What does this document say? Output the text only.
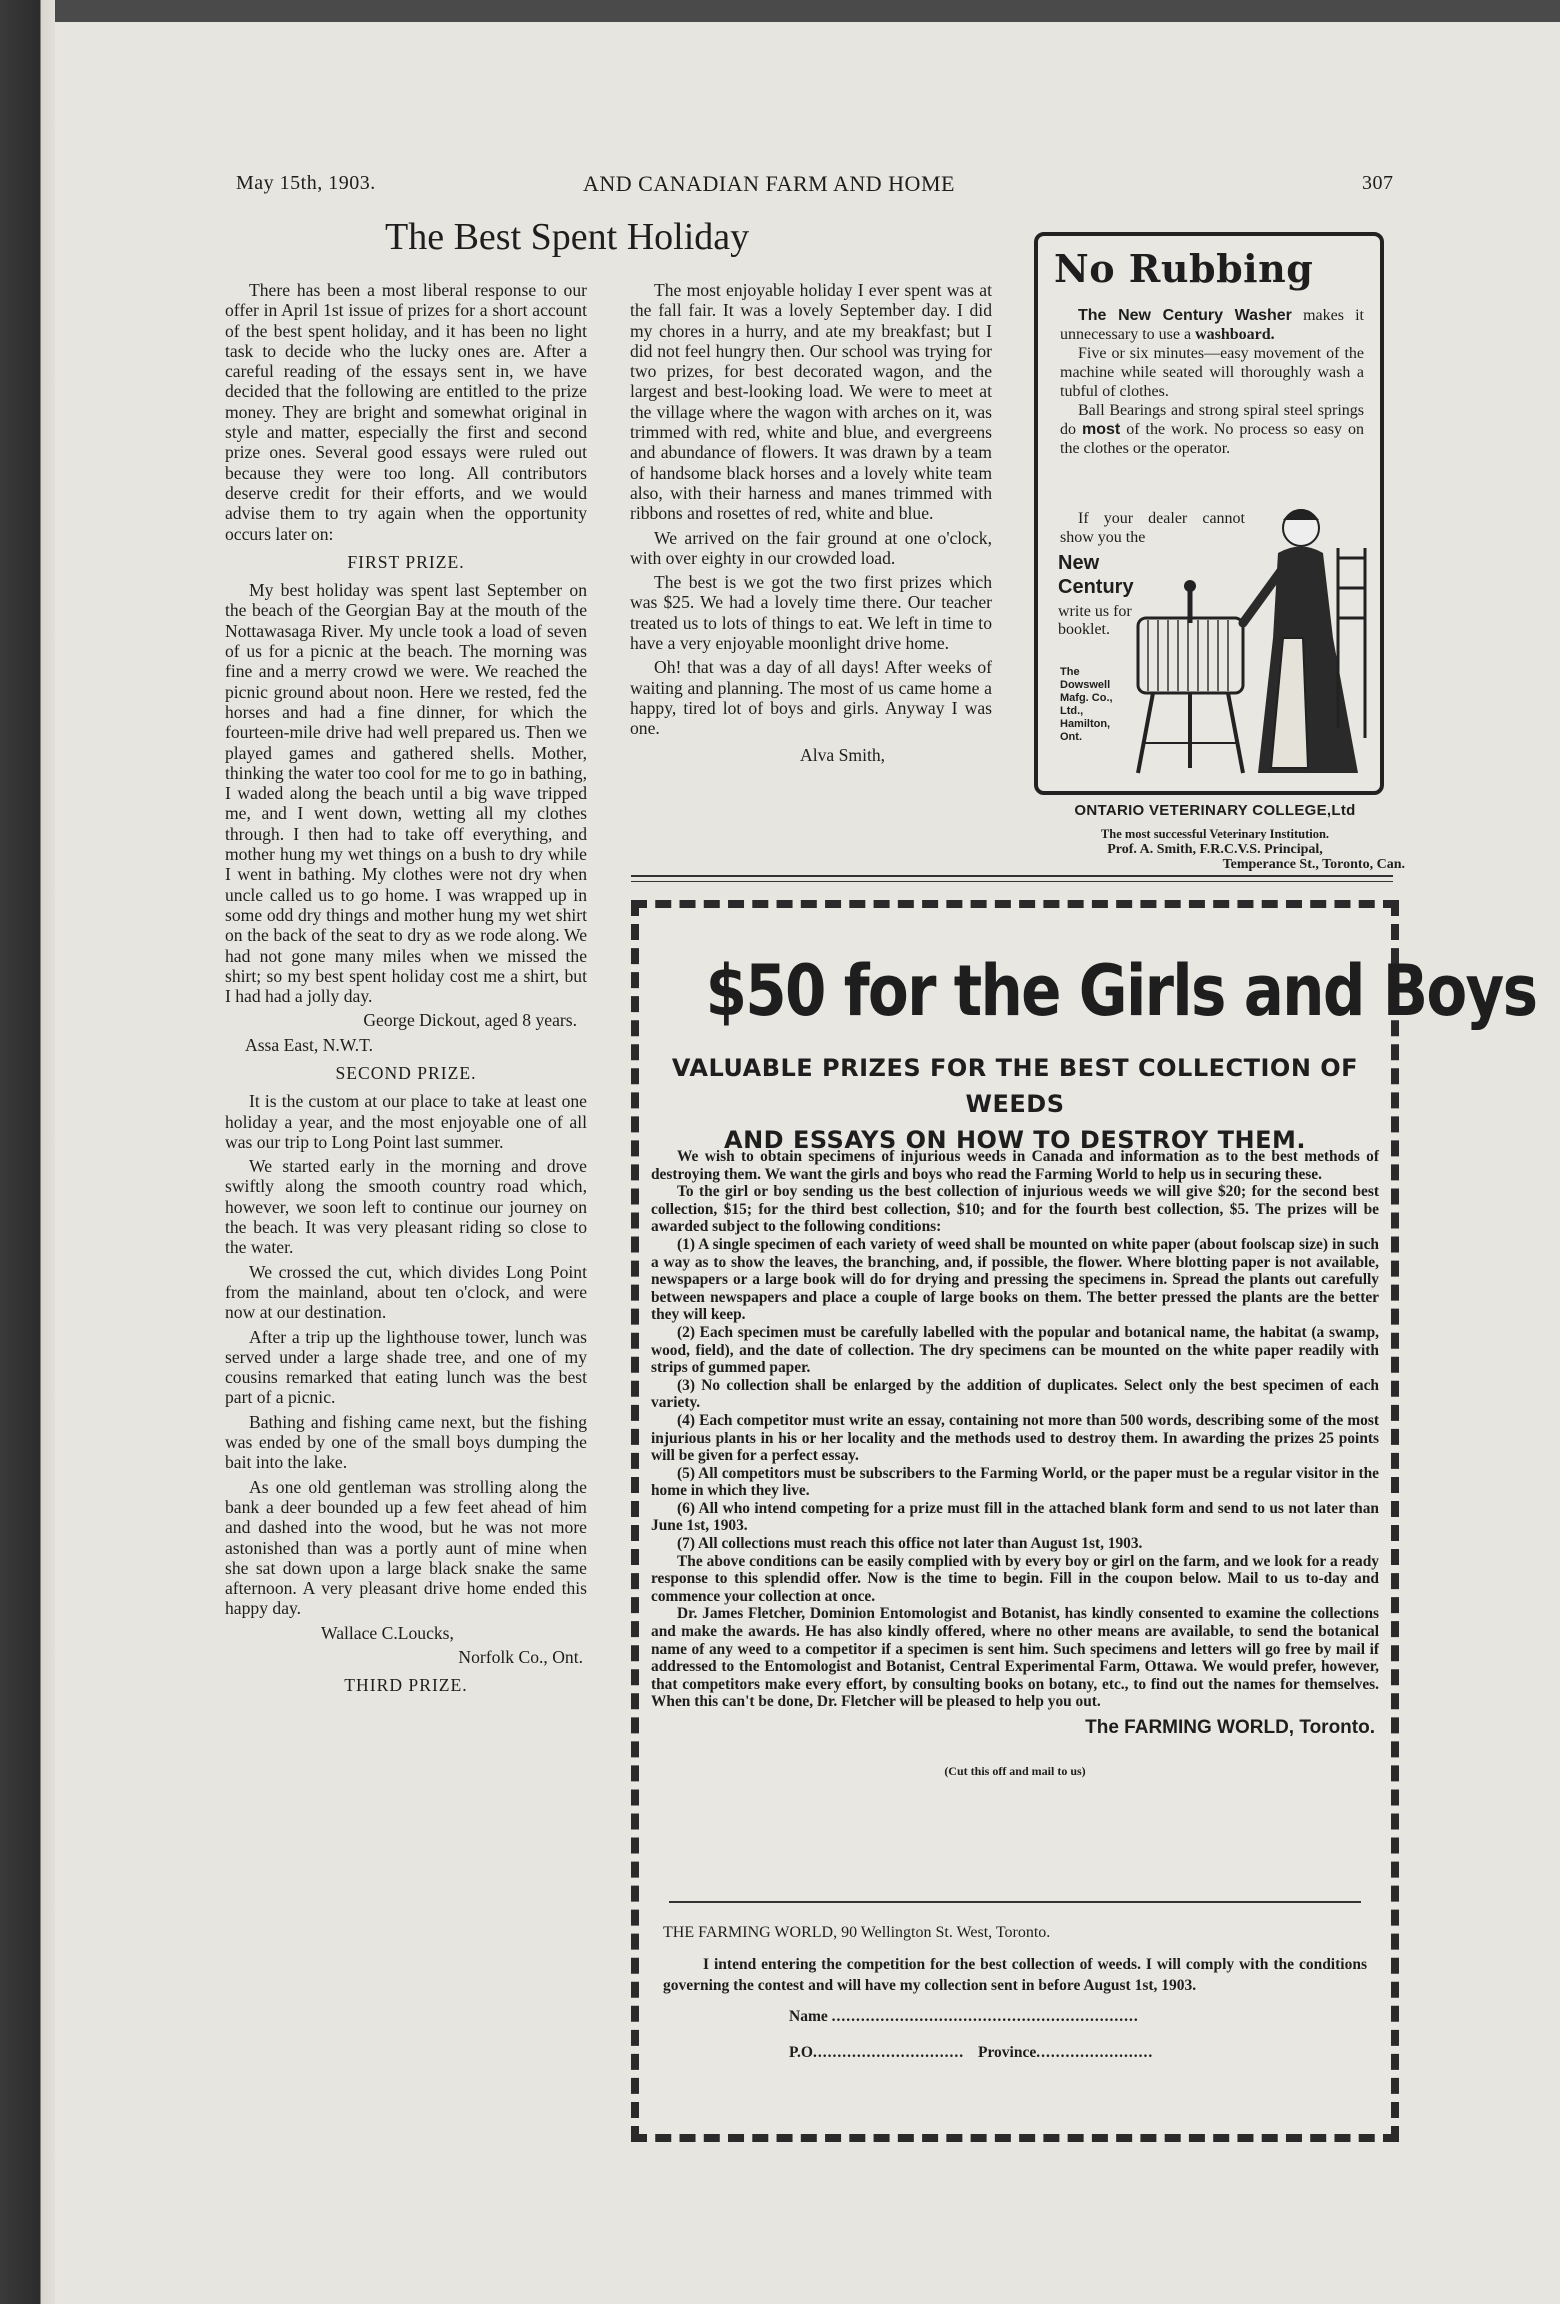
May 15th, 1903.	AND CANADIAN FARM AND HOME	307
The Best Spent Holiday

There has been a most liberal response to our offer in April 1st issue of prizes for a short account of the best spent holiday, and it has been no light task to decide who the lucky ones are. After a careful reading of the essays sent in, we have decided that the following are entitled to the prize money. They are bright and somewhat original in style and matter, especially the first and second prize ones. Several good essays were ruled out because they were too long. All contributors deserve credit for their efforts, and we would advise them to try again when the opportunity occurs later on:

FIRST PRIZE.

My best holiday was spent last September on the beach of the Georgian Bay at the mouth of the Nottawasaga River. My uncle took a load of seven of us for a picnic at the beach. The morning was fine and a merry crowd we were. We reached the picnic ground about noon. Here we rested, fed the horses and had a fine dinner, for which the fourteen-mile drive had well prepared us. Then we played games and gathered shells. Mother, thinking the water too cool for me to go in bathing, I waded along the beach until a big wave tripped me, and I went down, wetting all my clothes through. I then had to take off everything, and mother hung my wet things on a bush to dry while I went in bathing. My clothes were not dry when uncle called us to go home. I was wrapped up in some odd dry things and mother hung my wet shirt on the back of the seat to dry as we rode along. We had not gone many miles when we missed the shirt; so my best spent holiday cost me a shirt, but I had had a jolly day.

George Dickout, aged 8 years.

Assa East, N.W.T.

SECOND PRIZE.

It is the custom at our place to take at least one holiday a year, and the most enjoyable one of all was our trip to Long Point last summer.

We started early in the morning and drove swiftly along the smooth country road which, however, we soon left to continue our journey on the beach. It was very pleasant riding so close to the water.

We crossed the cut, which divides Long Point from the mainland, about ten o'clock, and were now at our destination.

After a trip up the lighthouse tower, lunch was served under a large shade tree, and one of my cousins remarked that eating lunch was the best part of a picnic.

Bathing and fishing came next, but the fishing was ended by one of the small boys dumping the bait into the lake.

As one old gentleman was strolling along the bank a deer bounded up a few feet ahead of him and dashed into the wood, but he was not more astonished than was a portly aunt of mine when she sat down upon a large black snake the same afternoon. A very pleasant drive home ended this happy day.

Wallace C.Loucks,

Norfolk Co., Ont.

THIRD PRIZE.

The most enjoyable holiday I ever spent was at the fall fair. It was a lovely September day. I did my chores in a hurry, and ate my breakfast; but I did not feel hungry then. Our school was trying for two prizes, for best decorated wagon, and the largest and best-looking load. We were to meet at the village where the wagon with arches on it, was trimmed with red, white and blue, and evergreens and abundance of flowers. It was drawn by a team of handsome black horses and a lovely white team also, with their harness and manes trimmed with ribbons and rosettes of red, white and blue.

We arrived on the fair ground at one o'clock, with over eighty in our crowded load.

The best is we got the two first prizes which was $25. We had a lovely time there. Our teacher treated us to lots of things to eat. We left in time to have a very enjoyable moonlight drive home.

Oh! that was a day of all days! After weeks of waiting and planning. The most of us came home a happy, tired lot of boys and girls. Anyway I was one.

Alva Smith,

No Rubbing

The New Century Washer makes it unnecessary to use a washboard.

Five or six minutes—easy movement of the machine while seated will thoroughly wash a tubful of clothes.

Ball Bearings and strong spiral steel springs do most of the work. No process so easy on the clothes or the operator.

If your dealer cannot show you the

New
Century
write us for booklet.
The
Dowswell
Mafg. Co.,
Ltd.,
Hamilton,
Ont.
ONTARIO VETERINARY COLLEGE,Ltd
The most successful Veterinary Institution.
Prof. A. Smith, F.R.C.V.S. Principal,
Temperance St., Toronto, Can.
$50 for the Girls and Boys
VALUABLE PRIZES FOR THE BEST COLLECTION OF WEEDS
AND ESSAYS ON HOW TO DESTROY THEM.

We wish to obtain specimens of injurious weeds in Canada and information as to the best methods of destroying them. We want the girls and boys who read the Farming World to help us in securing these.

To the girl or boy sending us the best collection of injurious weeds we will give $20; for the second best collection, $15; for the third best collection, $10; and for the fourth best collection, $5. The prizes will be awarded subject to the following conditions:

(1) A single specimen of each variety of weed shall be mounted on white paper (about foolscap size) in such a way as to show the leaves, the branching, and, if possible, the flower. Where blotting paper is not available, newspapers or a large book will do for drying and pressing the specimens in. Spread the plants out carefully between newspapers and place a couple of large books on them. The better pressed the plants are the better they will keep.

(2) Each specimen must be carefully labelled with the popular and botanical name, the habitat (a swamp, wood, field), and the date of collection. The dry specimens can be mounted on the white paper readily with strips of gummed paper.

(3) No collection shall be enlarged by the addition of duplicates. Select only the best specimen of each variety.

(4) Each competitor must write an essay, containing not more than 500 words, describing some of the most injurious plants in his or her locality and the methods used to destroy them. In awarding the prizes 25 points will be given for a perfect essay.

(5) All competitors must be subscribers to the Farming World, or the paper must be a regular visitor in the home in which they live.

(6) All who intend competing for a prize must fill in the attached blank form and send to us not later than June 1st, 1903.

(7) All collections must reach this office not later than August 1st, 1903.

The above conditions can be easily complied with by every boy or girl on the farm, and we look for a ready response to this splendid offer. Now is the time to begin. Fill in the coupon below. Mail to us to-day and commence your collection at once.

Dr. James Fletcher, Dominion Entomologist and Botanist, has kindly consented to examine the collections and make the awards. He has also kindly offered, where no other means are available, to send the botanical name of any weed to a competitor if a specimen is sent him. Such specimens and letters will go free by mail if addressed to the Entomologist and Botanist, Central Experimental Farm, Ottawa. We would prefer, however, that competitors make every effort, by consulting books on botany, etc., to find out the names for themselves. When this can't be done, Dr. Fletcher will be pleased to help you out.

The FARMING WORLD, Toronto.
(Cut this off and mail to us)
THE FARMING WORLD, 90 Wellington St. West, Toronto.
I intend entering the competition for the best collection of weeds. I will comply with the conditions governing the contest and will have my collection sent in before August 1st, 1903.
Name ...............................................................
P.O............................... Province........................
